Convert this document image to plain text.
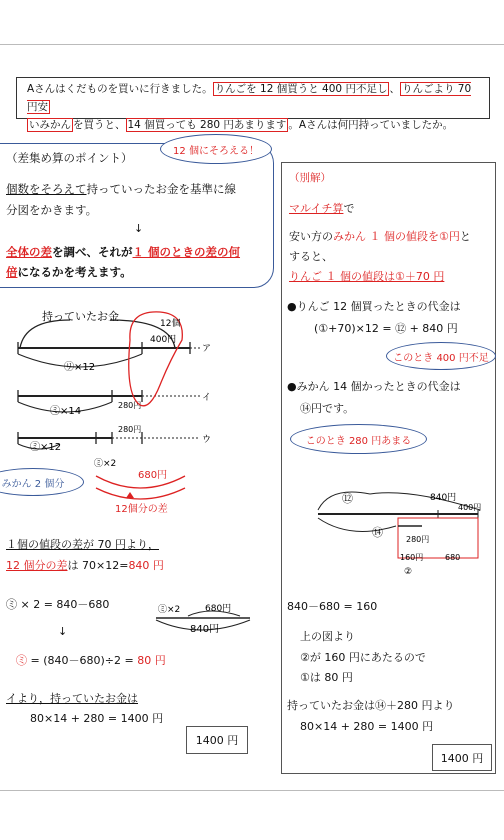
Aさんはくだものを買いに行きました。 りんごを 12 個買うと 400 円不足し 、 りんごより 70 円安
いみかん を買うと、 14 個買っても 280 円あまります 。Aさんは何円持っていましたか。
12 個にそろえる！
（差集め算のポイント）
個数をそろえて持っていったお金を基準に線
分図をかきます。
↓
全体の差を調べ、それが１ 個のときの差の何
倍になるかを考えます。
持っていたお金
400円
ア
㋷×12
280円
イ
㋯×14
280円
ウ
㋯×12
㋯×2
12個
680円
12個分の差
みかん 2 個分
１個の値段の差が 70 円より，
12 個分の差は 70×12=840 円
㋯ × 2 = 840－680	㋯×2	680円
840円
↓
㋯ = (840－680)÷2 = 80 円
イより，持っていたお金は
80×14 + 280 = 1400 円
1400 円
（別解）
マルイチ算で
安い方のみかん １ 個の値段を①円と
すると、
りんご １ 個の値段は①＋70 円
●りんご 12 個買ったときの代金は
(①+70)×12 = ⑫ + 840 円
このとき 400 円不足
●みかん 14 個かったときの代金は
⑭円です。
このとき 280 円あまる
⑫	840円
400円
⑭
280円
160円	680
②
840－680 = 160
上の図より
②が 160 円にあたるので
①は 80 円
持っていたお金は⑭＋280 円より
80×14 + 280 = 1400 円
1400 円
